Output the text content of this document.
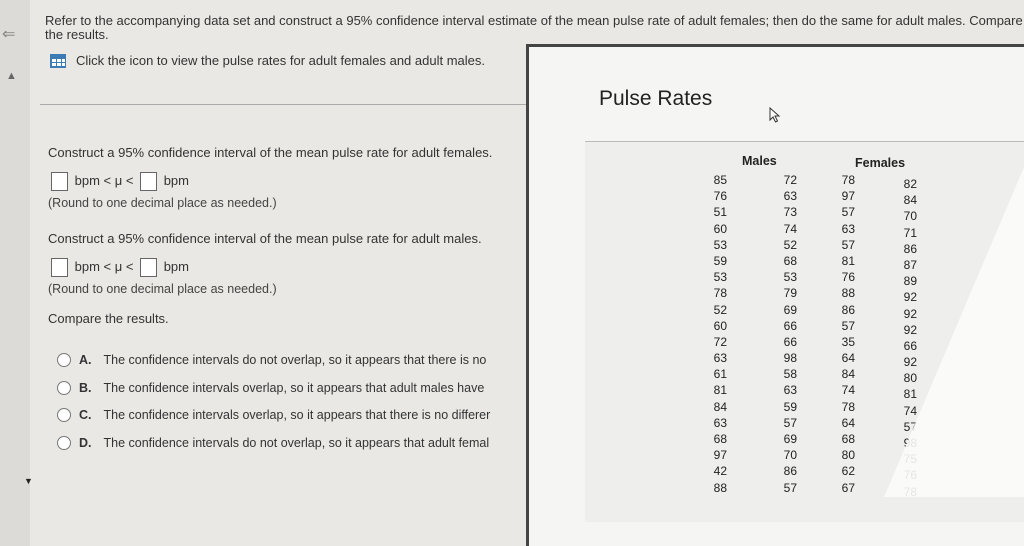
⇐
▲
Refer to the accompanying data set and construct a 95% confidence interval estimate of the mean pulse rate of adult females; then do the same for adult males. Compare the results.
Click the icon to view the pulse rates for adult females and adult males.
Construct a 95% confidence interval of the mean pulse rate for adult females.
bpm < μ < bpm
(Round to one decimal place as needed.)
Construct a 95% confidence interval of the mean pulse rate for adult males.
bpm < μ < bpm
(Round to one decimal place as needed.)
Compare the results.
A. The confidence intervals do not overlap, so it appears that there is no
B. The confidence intervals overlap, so it appears that adult males have
C. The confidence intervals overlap, so it appears that there is no differer
D. The confidence intervals do not overlap, so it appears that adult femal
▼
Pulse Rates
Males	Females
85
76
51
60
53
59
53
78
52
60
72
63
61
81
84
63
68
97
42
88
72
63
73
74
52
68
53
79
69
66
66
98
58
63
59
57
69
70
86
57
78
97
57
63
57
81
76
88
86
57
35
64
84
74
78
64
68
80
62
67
82
84
70
71
86
87
89
92
92
92
66
92
80
81
74
57
98
75
76
78
